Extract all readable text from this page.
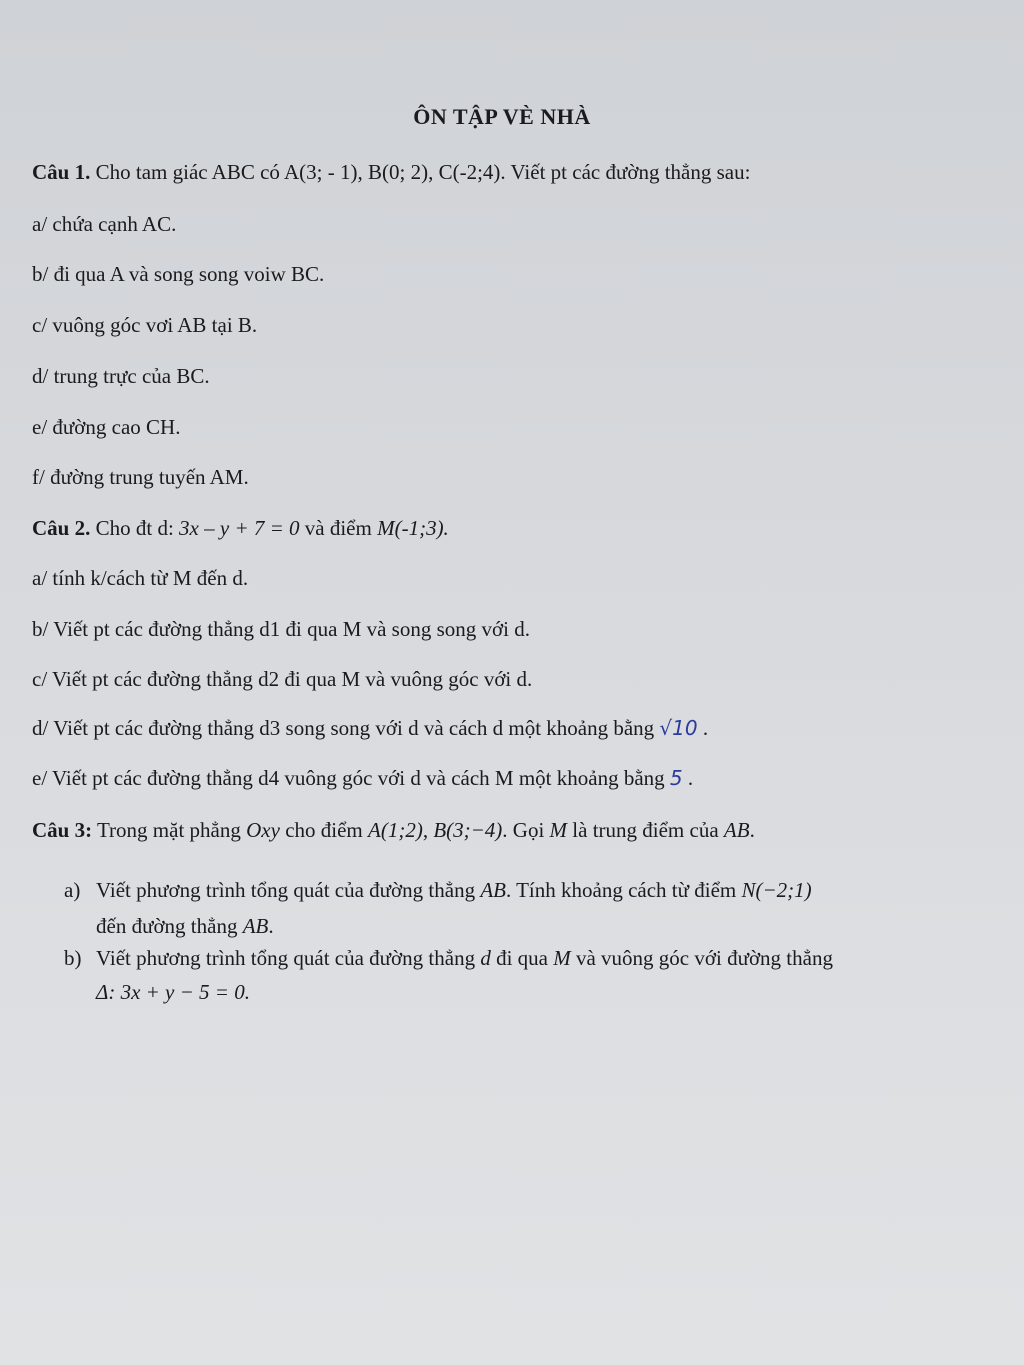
ÔN TẬP VÈ NHÀ
Câu 1. Cho tam giác ABC có A(3; - 1), B(0; 2), C(-2;4). Viết pt các đường thẳng sau:
a/ chứa cạnh AC.
b/ đi qua A và song song voiw BC.
c/ vuông góc vơi AB tại B.
d/ trung trực của BC.
e/ đường cao CH.
f/ đường trung tuyến AM.
Câu 2. Cho đt d: 3x – y + 7 = 0 và điểm M(-1;3).
a/ tính k/cách từ M đến d.
b/ Viết pt các đường thẳng d1 đi qua M và song song với d.
c/ Viết pt các đường thẳng d2 đi qua M và vuông góc với d.
d/ Viết pt các đường thẳng d3 song song với d và cách d một khoảng bằng √10 .
e/ Viết pt các đường thẳng d4 vuông góc với d và cách M một khoảng bằng 5 .
Câu 3: Trong mặt phẳng Oxy cho điểm A(1;2), B(3;−4). Gọi M là trung điểm của AB.
a) Viết phương trình tổng quát của đường thẳng AB. Tính khoảng cách từ điểm N(−2;1)
đến đường thẳng AB.
b) Viết phương trình tổng quát của đường thẳng d đi qua M và vuông góc với đường thẳng
Δ: 3x + y − 5 = 0.
